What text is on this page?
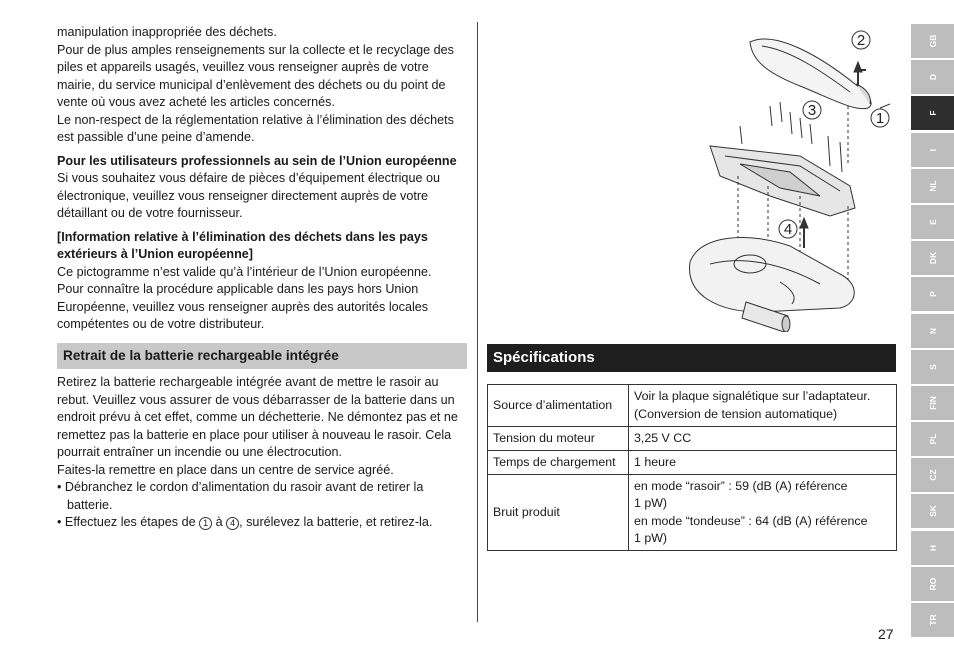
manipulation inappropriée des déchets.

Pour de plus amples renseignements sur la collecte et le recyclage des piles et appareils usagés, veuillez vous renseigner auprès de votre mairie, du service municipal d’enlèvement des déchets ou du point de vente où vous avez acheté les articles concernés.

Le non-respect de la réglementation relative à l’élimination des déchets est passible d’une peine d’amende.

Pour les utilisateurs professionnels au sein de l’Union européenne

Si vous souhaitez vous défaire de pièces d’équipement électrique ou électronique, veuillez vous renseigner directement auprès de votre détaillant ou de votre fournisseur.

[Information relative à l’élimination des déchets dans les pays extérieurs à l’Union européenne]

Ce pictogramme n’est valide qu’à l’intérieur de l’Union européenne.

Pour connaître la procédure applicable dans les pays hors Union Européenne, veuillez vous renseigner auprès des autorités locales compétentes ou de votre distributeur.

Retrait de la batterie rechargeable intégrée

Retirez la batterie rechargeable intégrée avant de mettre le rasoir au rebut. Veuillez vous assurer de vous débarrasser de la batterie dans un endroit prévu à cet effet, comme un déchetterie. Ne démontez pas et ne remettez pas la batterie en place pour utiliser à nouveau le rasoir. Cela pourrait entraîner un incendie ou une électrocution.

Faites-la remettre en place dans un centre de service agréé.

• Débranchez le cordon d’alimentation du rasoir avant de retirer la batterie.

• Effectuez les étapes de 1 à 4 , surélevez la batterie, et retirez-la.

2
3	1
4
Spécifications
Source d’alimentation	Voir la plaque signalétique sur l’adaptateur.
(Conversion de tension automatique)

Tension du moteur	3,25 V CC

Temps de chargement	1 heure

Bruit produit	en mode “rasoir” : 59 (dB (A) référence
1 pW)
en mode “tondeuse” : 64 (dB (A) référence
1 pW)
GB
D
F
I
NL
E
DK
P
N
S
FIN
PL
CZ
SK
H
RO
TR
27
